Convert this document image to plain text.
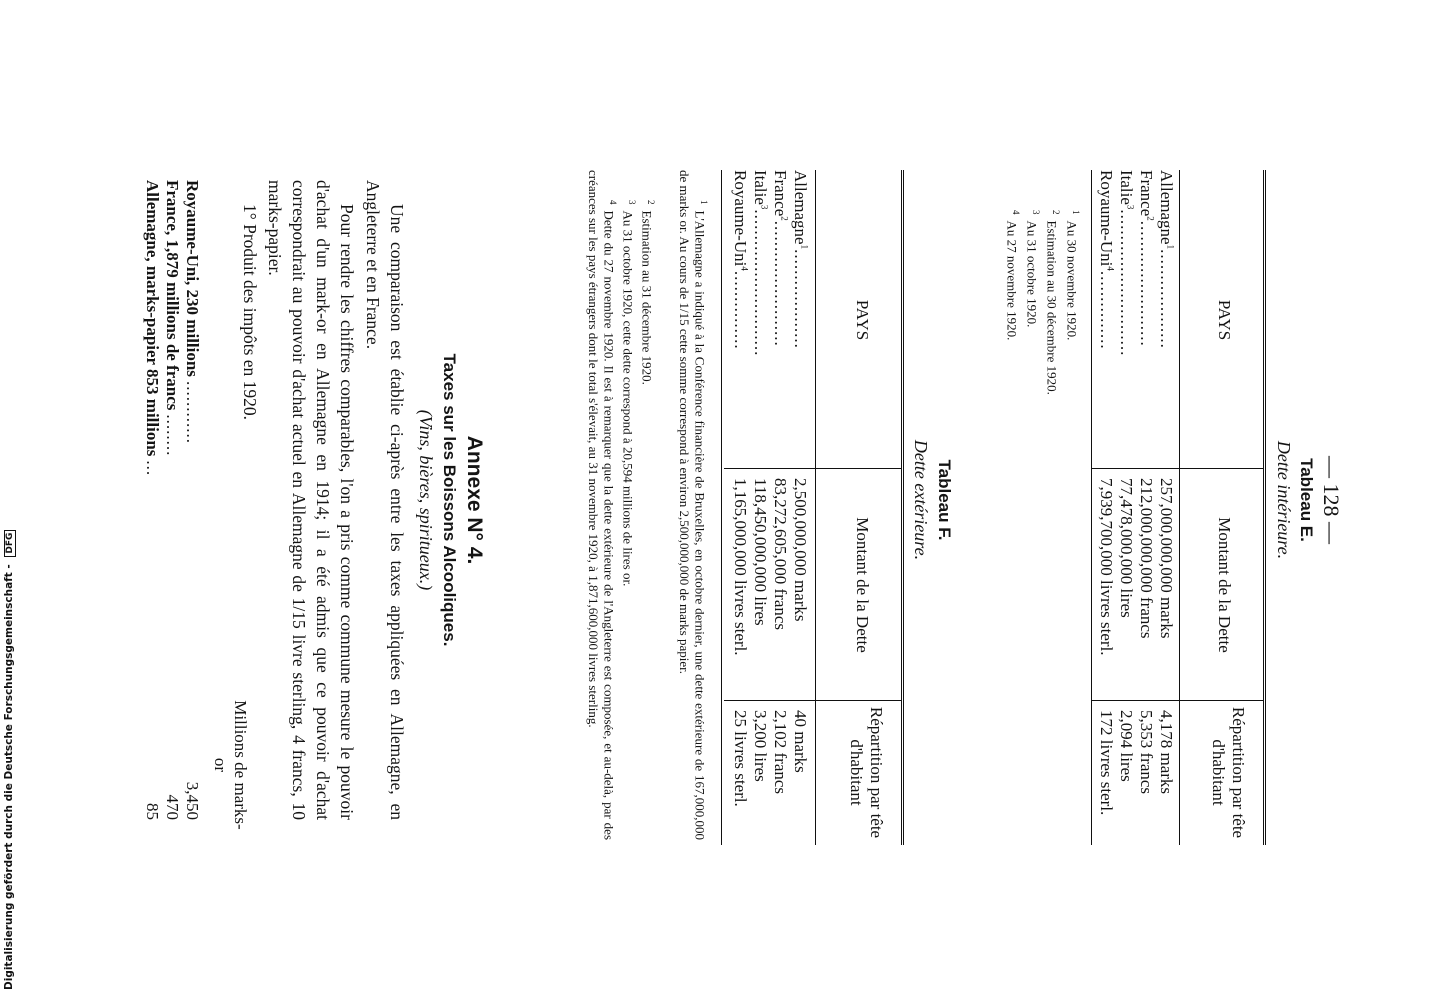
— 128 —
Tableau E.
Dette intérieure.
PAYS
Montant de la Dette
Répartition par tête d'habitant
Allemagne$^1$...................
257,000,000,000 marks
4,178 marks
France$^2$........................
212,000,000,000 francs
5,353 francs
Italie$^3$............................
77,478,000,000 lires
2,094 lires
Royaume-Uni$^4$...............
7,939,700,000 livres sterl.
172 livres sterl.
$^1$Au 30 novembre 1920.
$^2$Estimation au 30 décembre 1920.
$^3$Au 31 octobre 1920.
$^4$Au 27 novembre 1920.
Tableau F.
Dette extérieure.
PAYS
Montant de la Dette
Répartition par tête d'habitant
Allemagne$^1$...................
2,500,000,000 marks
40 marks
France$^2$........................
83,272,605,000 francs
2,102 francs
Italie$^3$............................
118,450,000,000 lires
3,200 lires
Royaume-Uni$^4$...............
1,165,000,000 livres sterl.
25 livres sterl.
$^1$L'Allemagne a indiqué à la Conférence financière de Bruxelles, en octobre dernier, une dette extérieure de 167,000,000 de marks or. Au cours de 1/15 cette somme correspond à environ 2,500,000,000 de marks papier.
$^2$Estimation au 31 décembre 1920.
$^3$Au 31 octobre 1920, cette dette correspond à 20,594 millions de lires or.
$^4$Dette du 27 novembre 1920. Il est à remarquer que la dette extérieure de l'Angleterre est composée, et au-delà, par des créances sur les pays étrangers dont le total s'élevait, au 31 novembre 1920, à 1,871,600,000 livres sterling.
Annexe N° 4.
Taxes sur les Boissons Alcooliques.
(Vins, bières, spiritueux.)
Une comparaison est établie ci-après entre les taxes appliquées en Allemagne, en Angleterre et en France.
Pour rendre les chiffres comparables, l'on a pris comme commune mesure le pouvoir d'achat d'un mark-or en Allemagne en 1914; il a été admis que ce pouvoir d'achat correspondrait au pouvoir d'achat actuel en Allemagne de 1/15 livre sterling, 4 francs, 10 marks-papier.
1° Produit des impôts en 1920.
Millions de marks-or
Royaume-Uni, 230 millions............
3,450
France, 1,879 millions de francs........
470
Allemagne, marks-papier 853 millions...
85
Digitalisierung gefördert durch die Deutsche Forschungsgemeinschaft - DFG
